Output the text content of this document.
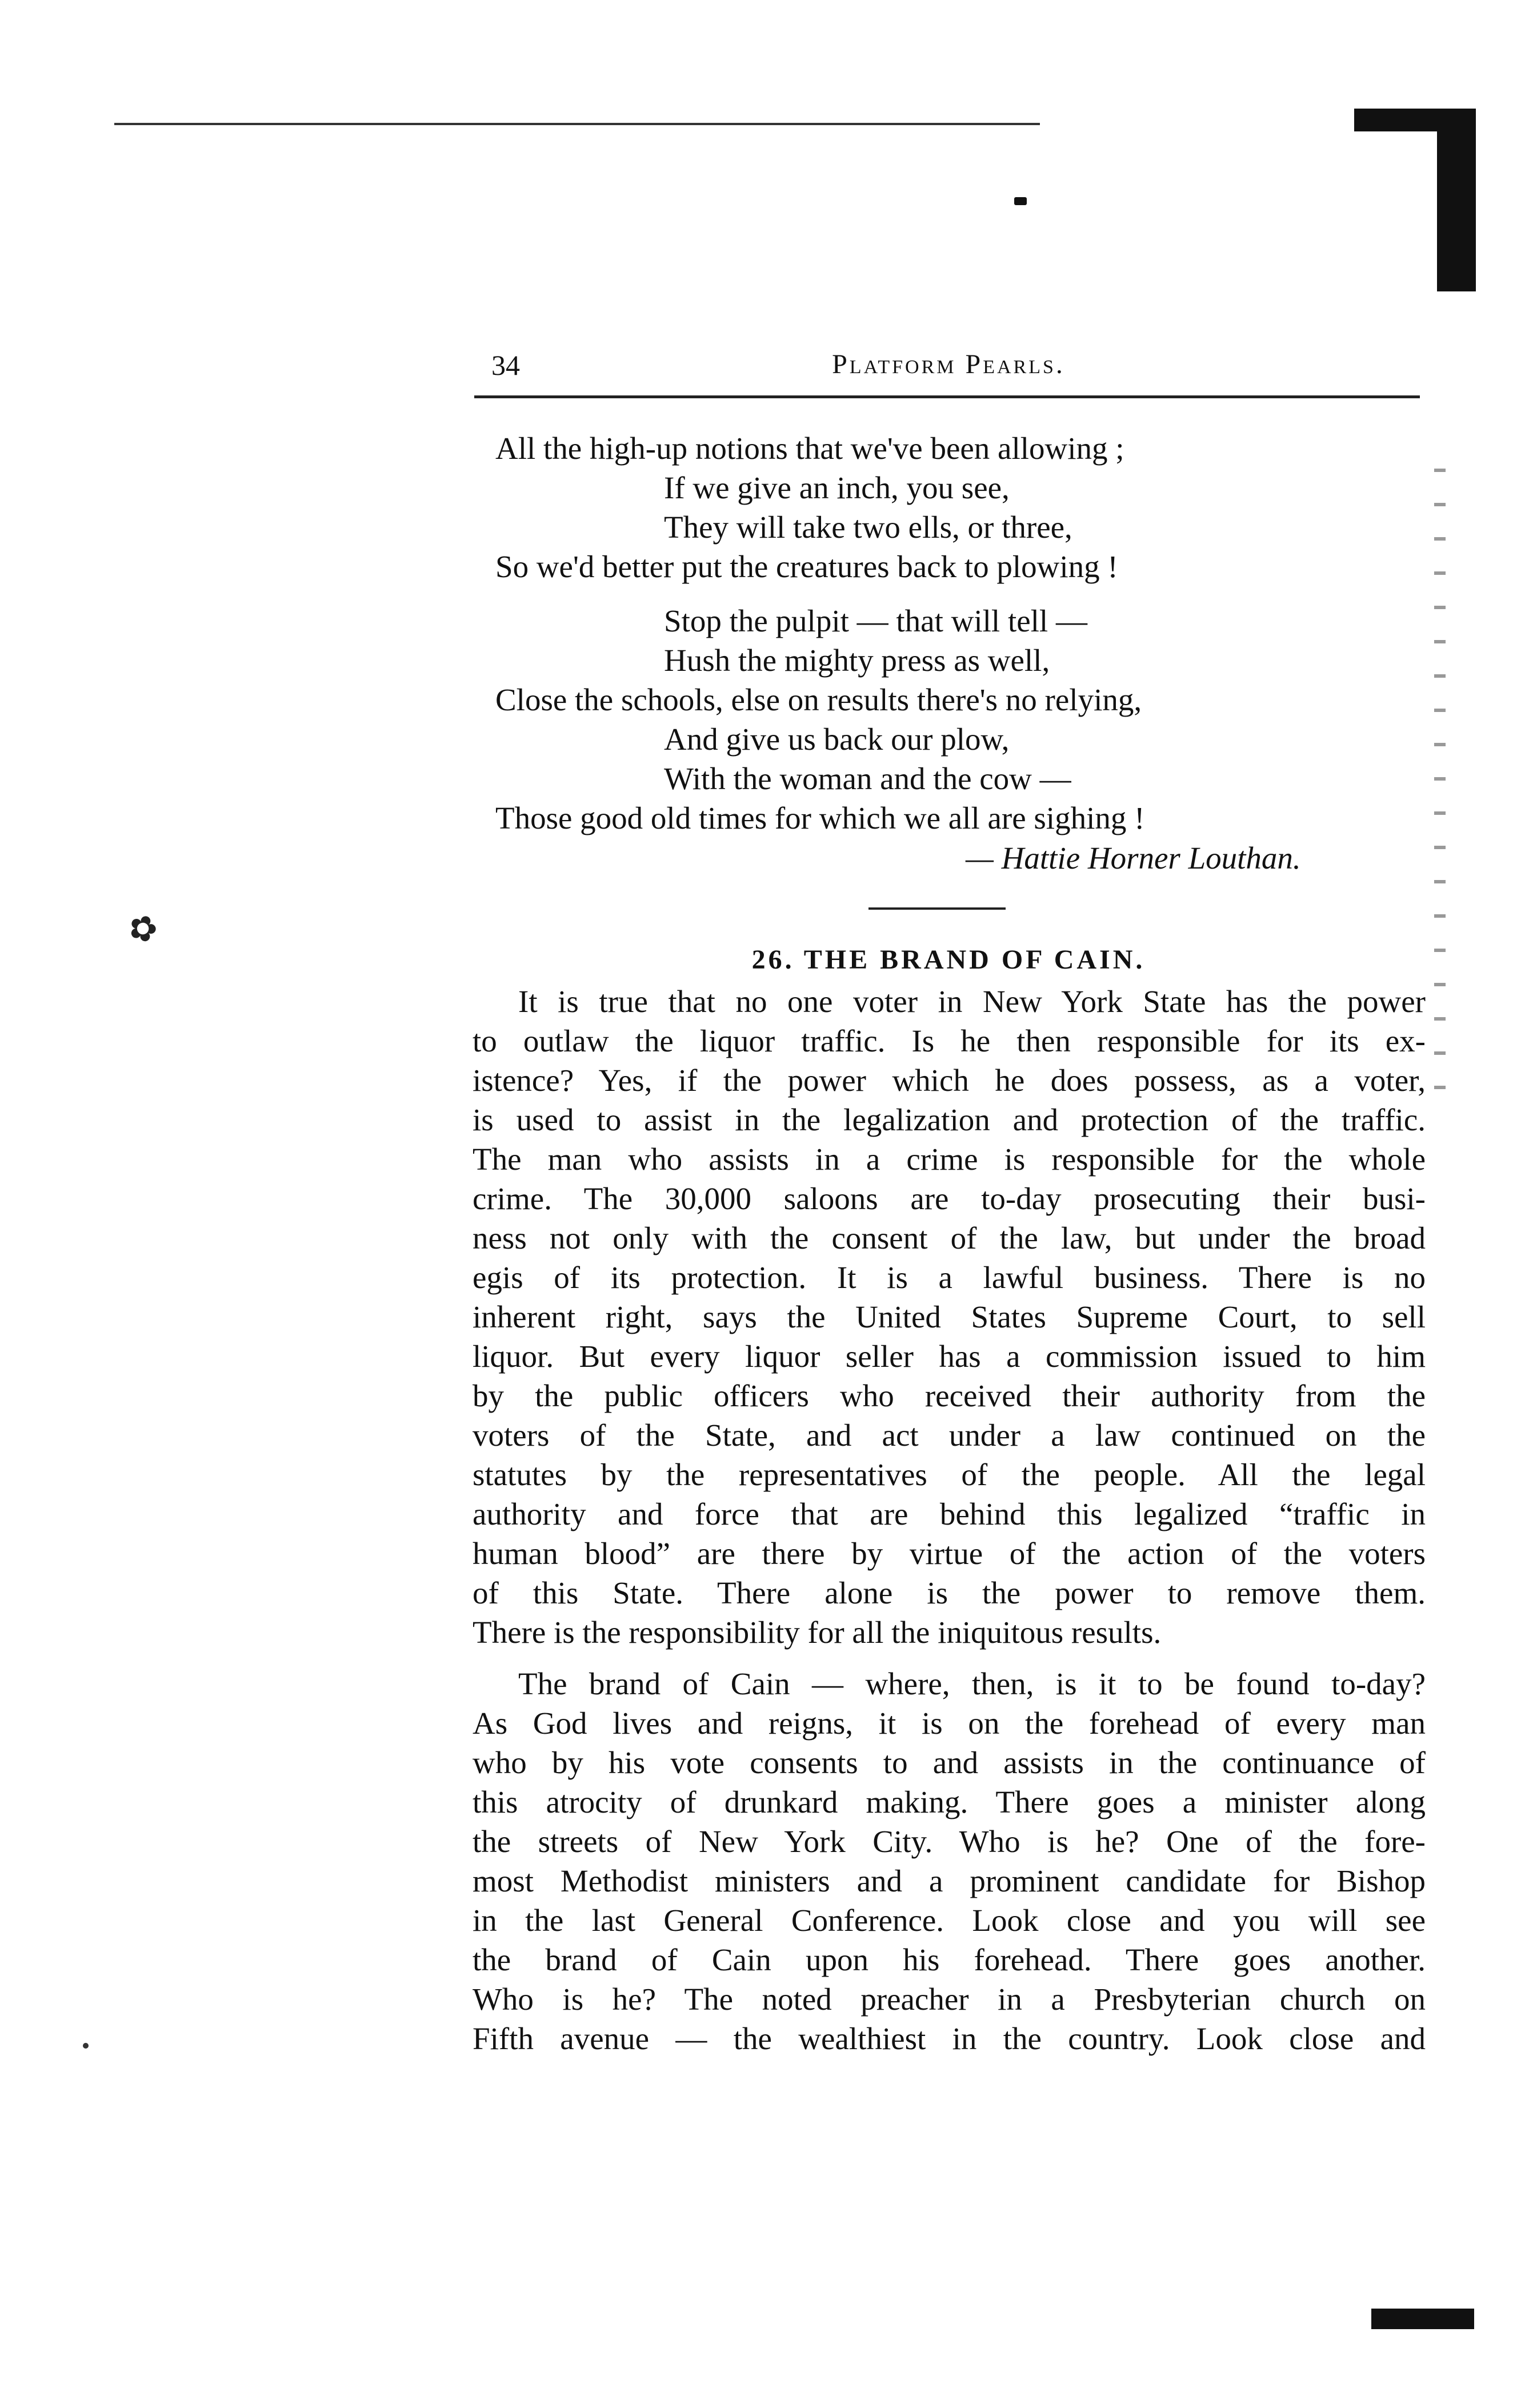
✿
34	Platform Pearls.
All the high-up notions that we've been allowing ;
If we give an inch, you see,
They will take two ells, or three,
So we'd better put the creatures back to plowing !
Stop the pulpit — that will tell —
Hush the mighty press as well,
Close the schools, else on results there's no relying,
And give us back our plow,
With the woman and the cow —
Those good old times for which we all are sighing !
— Hattie Horner Louthan.
26. THE BRAND OF CAIN.

It is true that no one voter in New York State has the power
to outlaw the liquor traffic. Is he then responsible for its ex-
istence? Yes, if the power which he does possess, as a voter,
is used to assist in the legalization and protection of the traffic.
The man who assists in a crime is responsible for the whole
crime. The 30,000 saloons are to-day prosecuting their busi-
ness not only with the consent of the law, but under the broad
egis of its protection. It is a lawful business. There is no
inherent right, says the United States Supreme Court, to sell
liquor. But every liquor seller has a commission issued to him
by the public officers who received their authority from the
voters of the State, and act under a law continued on the
statutes by the representatives of the people. All the legal
authority and force that are behind this legalized “traffic in
human blood” are there by virtue of the action of the voters
of this State. There alone is the power to remove them.
There is the responsibility for all the iniquitous results.

The brand of Cain — where, then, is it to be found to-day?
As God lives and reigns, it is on the forehead of every man
who by his vote consents to and assists in the continuance of
this atrocity of drunkard making. There goes a minister along
the streets of New York City. Who is he? One of the fore-
most Methodist ministers and a prominent candidate for Bishop
in the last General Conference. Look close and you will see
the brand of Cain upon his forehead. There goes another.
Who is he? The noted preacher in a Presbyterian church on
Fifth avenue — the wealthiest in the country. Look close and
